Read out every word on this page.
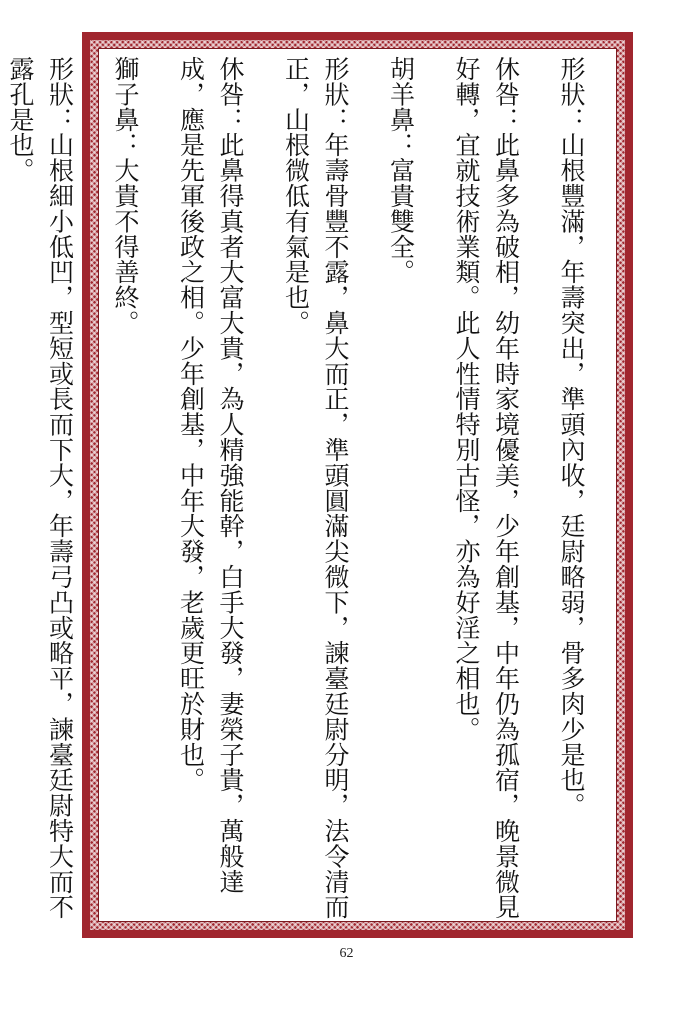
形狀：山根豐滿，年壽突出，準頭內收，廷尉略弱，骨多肉少是也。

休咎：此鼻多為破相，幼年時家境優美，少年創基，中年仍為孤宿，晚景微見好轉，宜就技術業類。此人性情特別古怪，亦為好淫之相也。

胡羊鼻：富貴雙全。

形狀：年壽骨豐不露，鼻大而正，準頭圓滿尖微下，諫臺廷尉分明，法令清而正，山根微低有氣是也。

休咎：此鼻得真者大富大貴，為人精強能幹，白手大發，妻榮子貴，萬般達成，應是先軍後政之相。少年創基，中年大發，老歲更旺於財也。

獅子鼻：大貴不得善終。

形狀：山根細小低凹，型短或長而下大，年壽弓凸或略平，諫臺廷尉特大而不露孔是也。

62
